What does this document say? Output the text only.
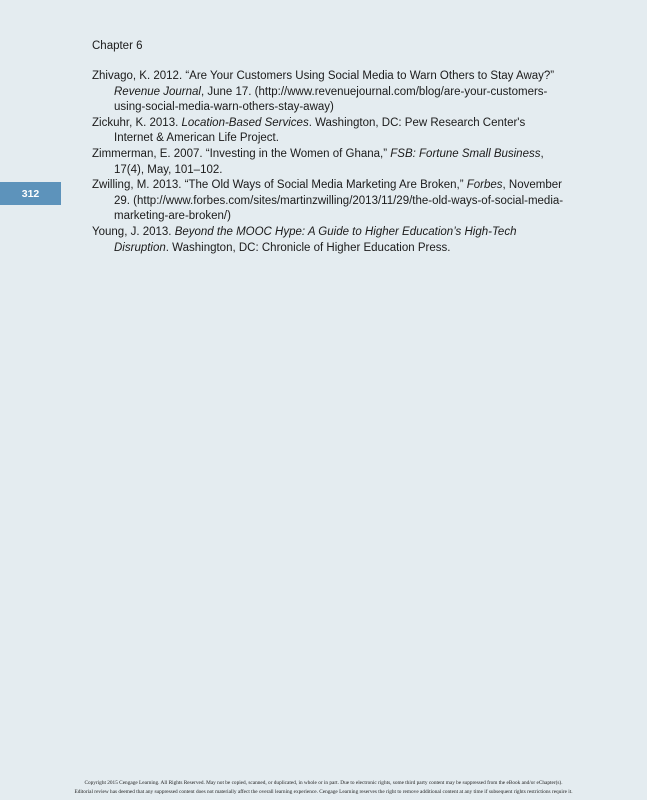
Chapter 6
312

Zhivago, K. 2012. “Are Your Customers Using Social Media to Warn Others to Stay Away?” Revenue Journal, June 17. (http://www.revenuejournal.com/blog/are-your-customers-using-social-media-warn-others-stay-away)

Zickuhr, K. 2013. Location-Based Services. Washington, DC: Pew Research Center's Internet & American Life Project.

Zimmerman, E. 2007. “Investing in the Women of Ghana,” FSB: Fortune Small Business, 17(4), May, 101–102.

Zwilling, M. 2013. “The Old Ways of Social Media Marketing Are Broken,” Forbes, November 29. (http://www.forbes.com/sites/martinzwilling/2013/11/29/the-old-ways-of-social-media-marketing-are-broken/)

Young, J. 2013. Beyond the MOOC Hype: A Guide to Higher Education’s High-Tech Disruption. Washington, DC: Chronicle of Higher Education Press.

Copyright 2015 Cengage Learning. All Rights Reserved. May not be copied, scanned, or duplicated, in whole or in part. Due to electronic rights, some third party content may be suppressed from the eBook and/or eChapter(s).
Editorial review has deemed that any suppressed content does not materially affect the overall learning experience. Cengage Learning reserves the right to remove additional content at any time if subsequent rights restrictions require it.
